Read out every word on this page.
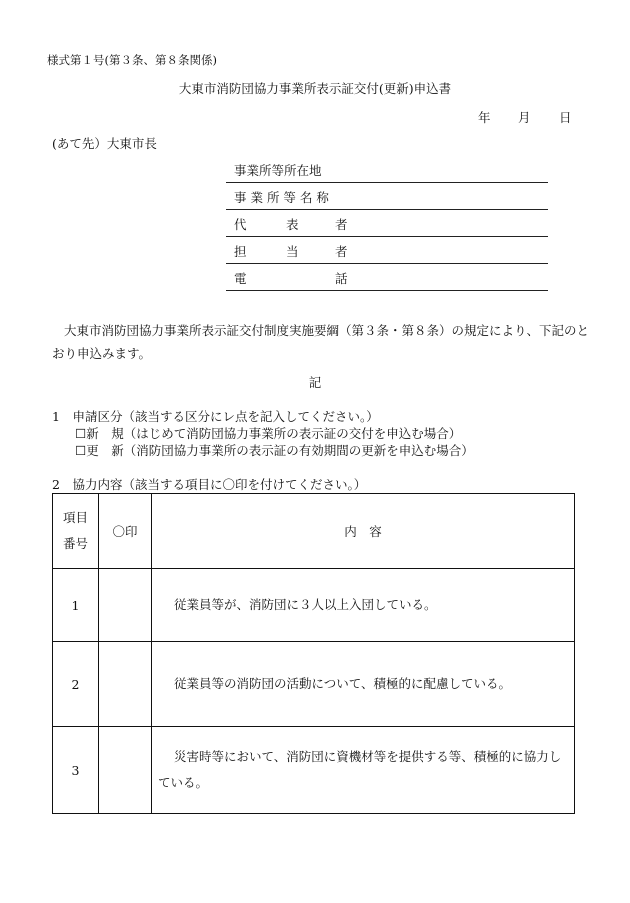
様式第１号(第３条、第８条関係)
大東市消防団協力事業所表示証交付(更新)申込書
年 月 日
(あて先）大東市長
事業所等所在地
事 業 所 等 名 称
代	表	者
担	当	者
電	話
大東市消防団協力事業所表示証交付制度実施要綱（第３条・第８条）の規定により、下記のとおり申込みます。
記
1　申請区分（該当する区分にレ点を記入してください。）
☐新　規（はじめて消防団協力事業所の表示証の交付を申込む場合）
☐更　新（消防団協力事業所の表示証の有効期間の更新を申込む場合）
2　協力内容（該当する項目に〇印を付けてください。）
項目
番号	〇印	内　容
1		従業員等が、消防団に３人以上入団している。
2		従業員等の消防団の活動について、積極的に配慮している。
3		災害時等において、消防団に資機材等を提供する等、積極的に協力している。
